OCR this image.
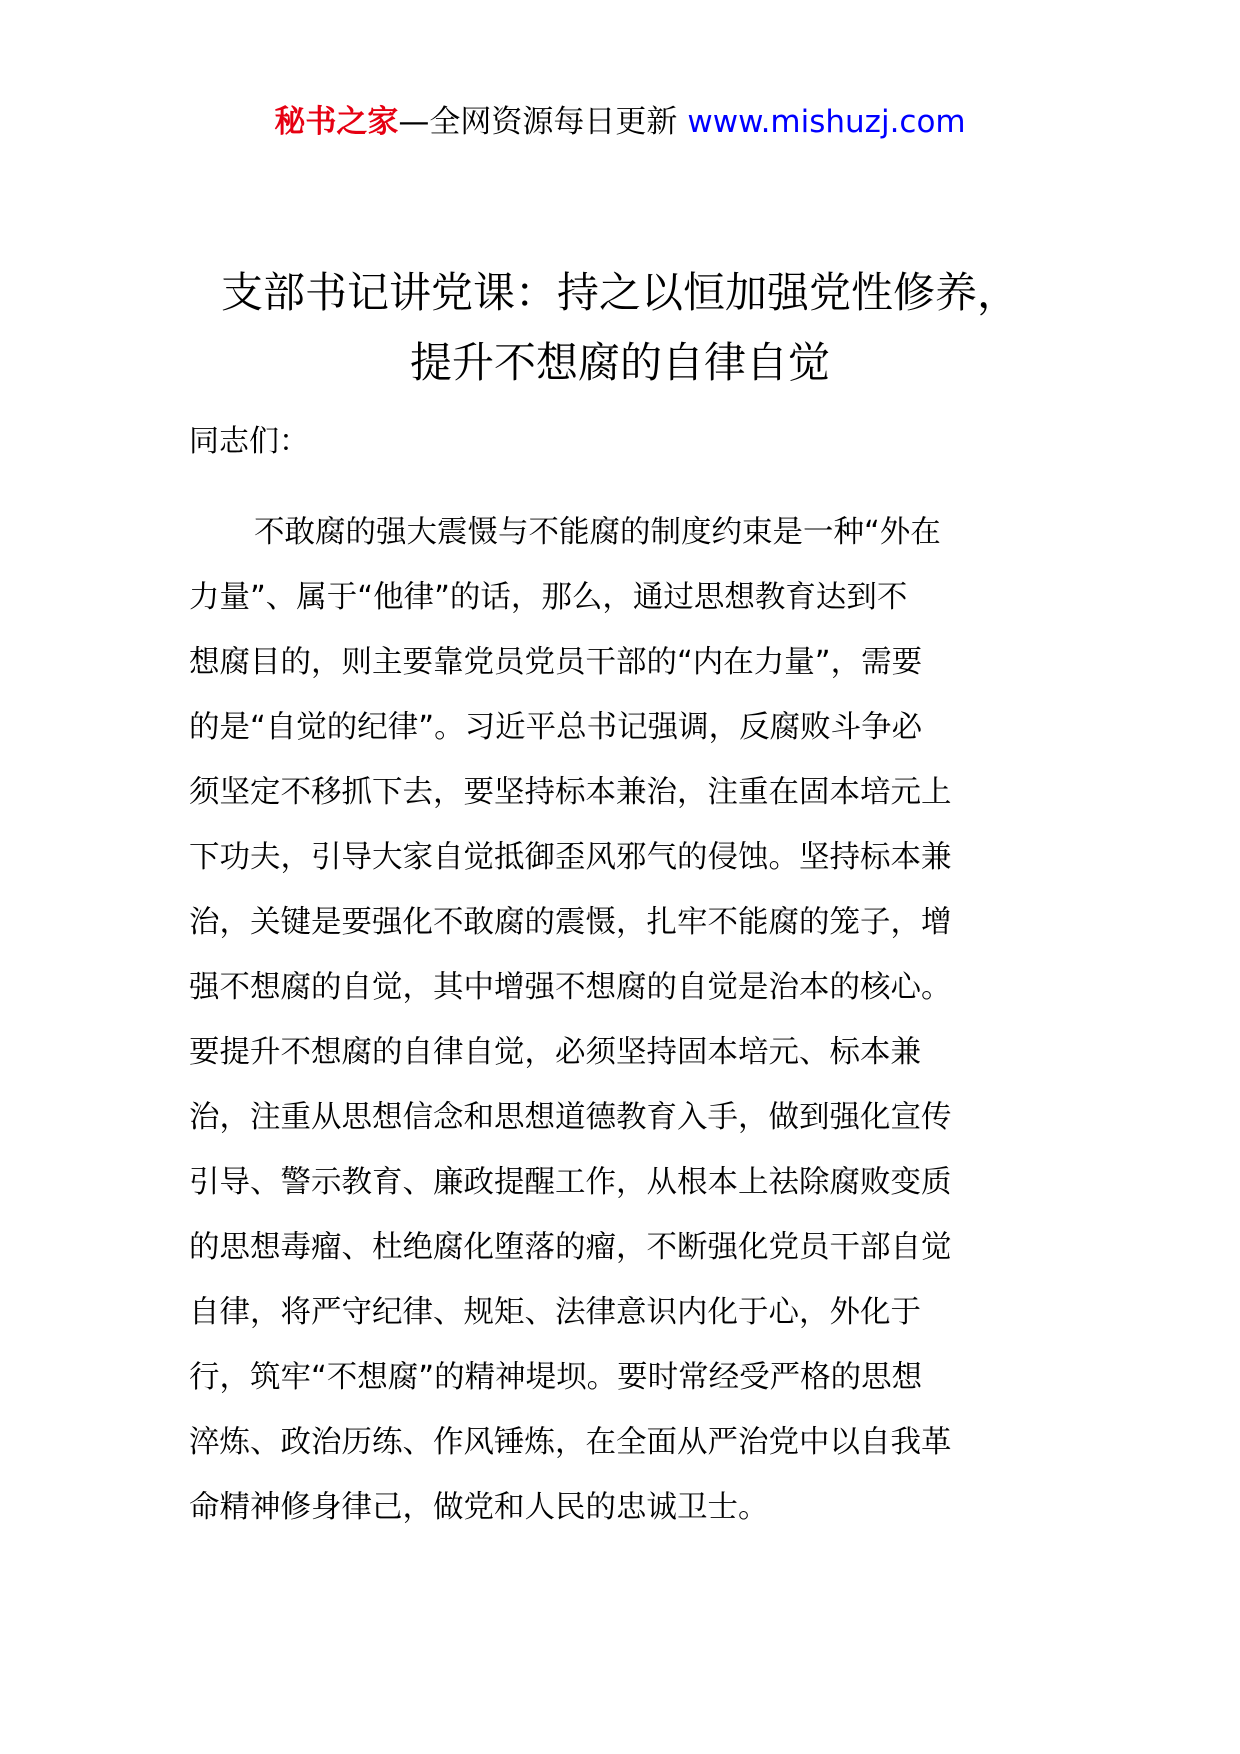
秘书之家—全网资源每日更新 www.mishuzj.com
支部书记讲党课：持之以恒加强党性修养，
提升不想腐的自律自觉
同志们：
不敢腐的强大震慑与不能腐的制度约束是一种“外在
力量”、属于“他律”的话，那么，通过思想教育达到不
想腐目的，则主要靠党员党员干部的“内在力量”，需要
的是“自觉的纪律”。习近平总书记强调，反腐败斗争必
须坚定不移抓下去，要坚持标本兼治，注重在固本培元上
下功夫，引导大家自觉抵御歪风邪气的侵蚀。坚持标本兼
治，关键是要强化不敢腐的震慑，扎牢不能腐的笼子，增
强不想腐的自觉，其中增强不想腐的自觉是治本的核心。
要提升不想腐的自律自觉，必须坚持固本培元、标本兼
治，注重从思想信念和思想道德教育入手，做到强化宣传
引导、警示教育、廉政提醒工作，从根本上祛除腐败变质
的思想毒瘤、杜绝腐化堕落的瘤，不断强化党员干部自觉
自律，将严守纪律、规矩、法律意识内化于心，外化于
行，筑牢“不想腐”的精神堤坝。要时常经受严格的思想
淬炼、政治历练、作风锤炼，在全面从严治党中以自我革
命精神修身律己，做党和人民的忠诚卫士。
